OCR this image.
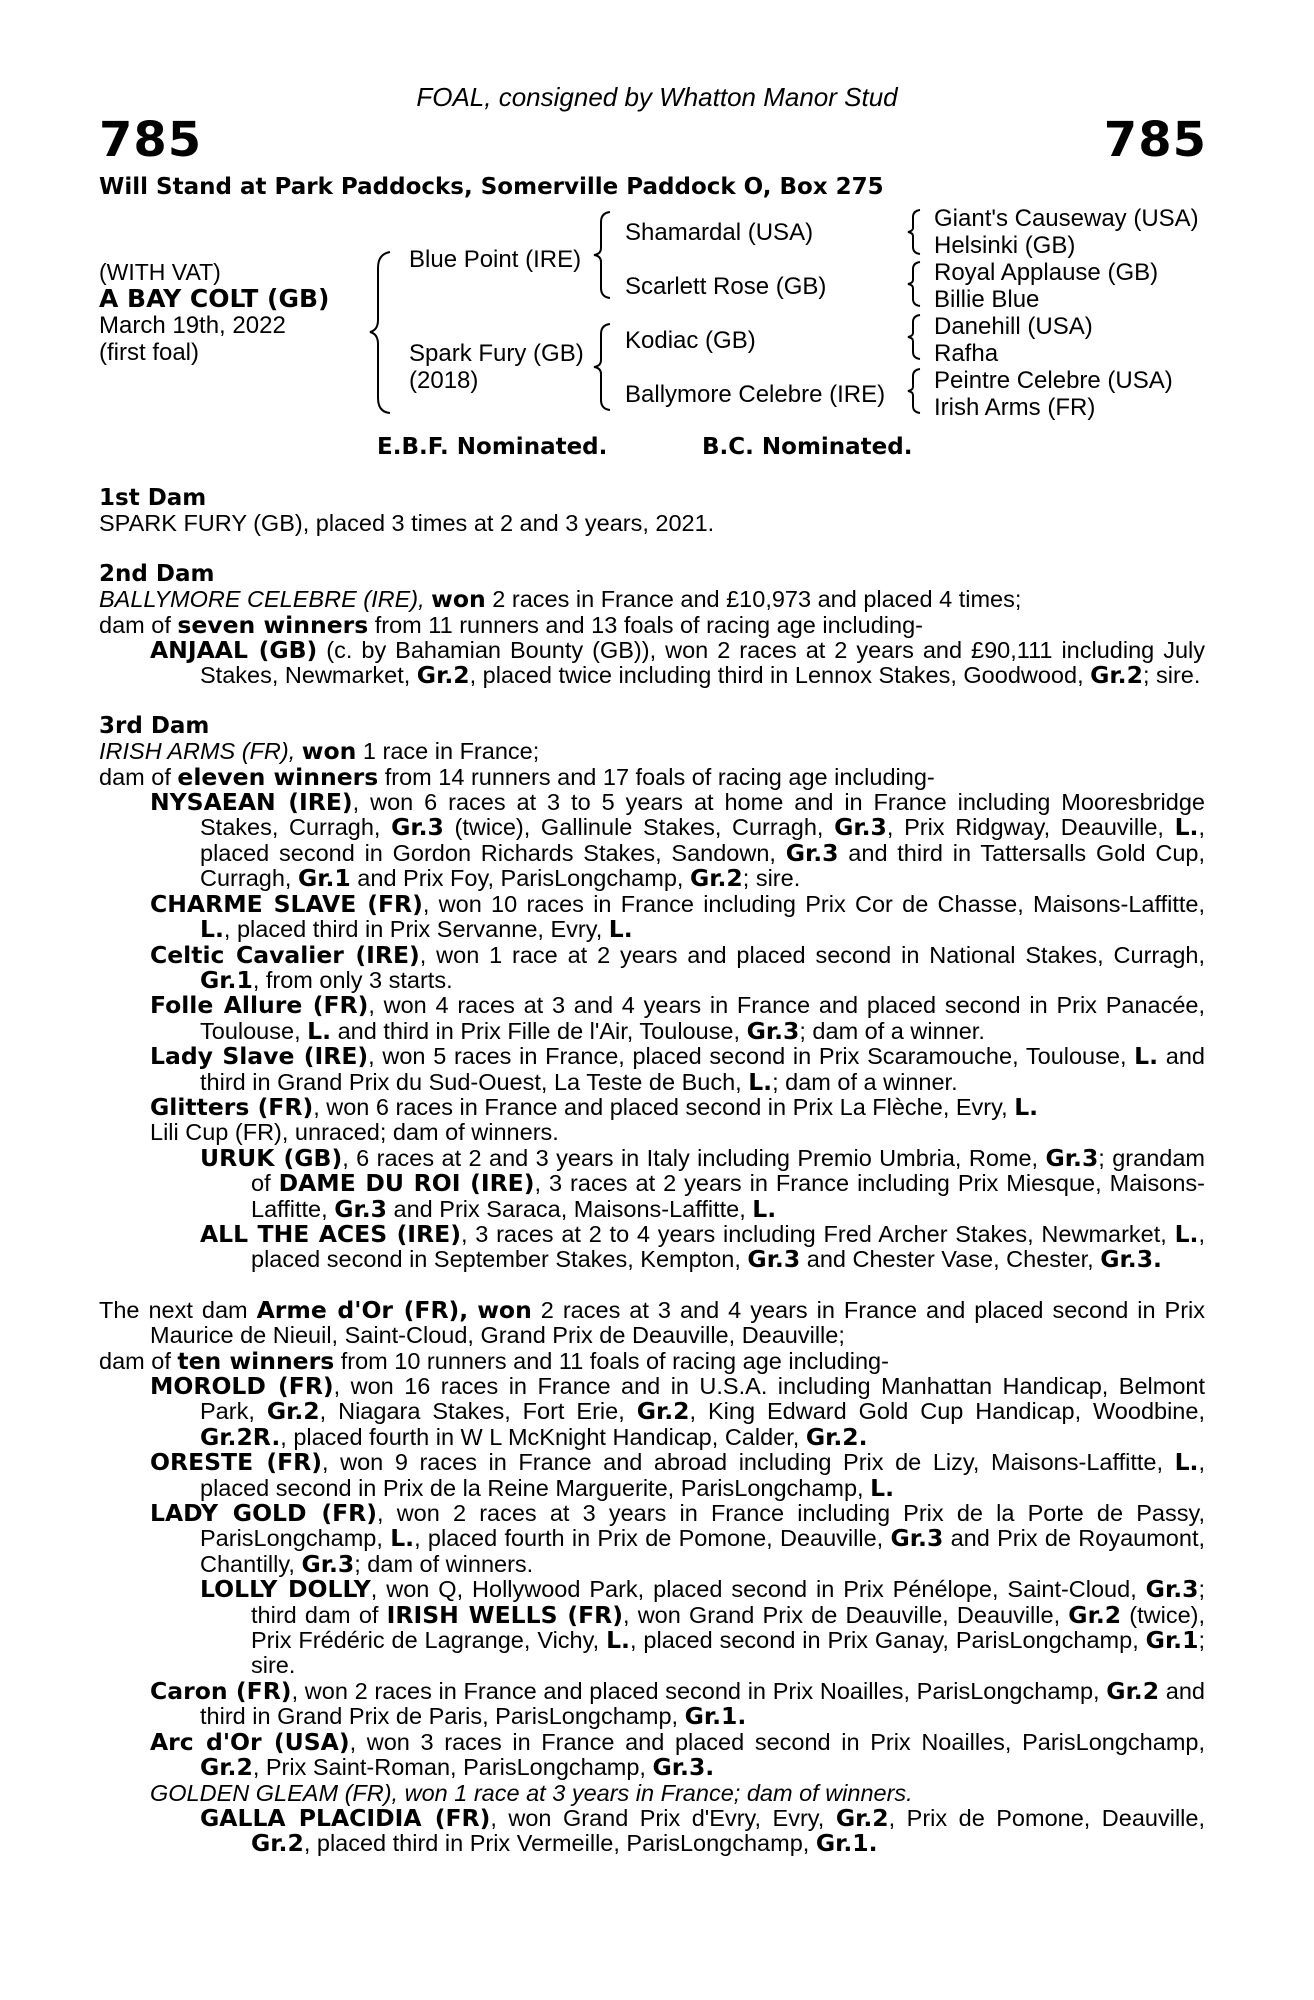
FOAL, consigned by Whatton Manor Stud
785	785
Will Stand at Park Paddocks, Somerville Paddock O, Box 275
(WITH VAT)
A BAY COLT (GB)
March 19th, 2022
(first foal)
Blue Point (IRE)
Spark Fury (GB)
(2018)
Shamardal (USA)
Scarlett Rose (GB)
Kodiac (GB)
Ballymore Celebre (IRE)
Giant's Causeway (USA)
Helsinki (GB)
Royal Applause (GB)
Billie Blue
Danehill (USA)
Rafha
Peintre Celebre (USA)
Irish Arms (FR)
E.B.F. Nominated.	B.C. Nominated.

1st Dam

SPARK FURY (GB), placed 3 times at 2 and 3 years, 2021.

2nd Dam

BALLYMORE CELEBRE (IRE), won 2 races in France and £10,973 and placed 4 times;

dam of seven winners from 11 runners and 13 foals of racing age including-

ANJAAL (GB) (c. by Bahamian Bounty (GB)), won 2 races at 2 years and £90,111 including July Stakes, Newmarket, Gr.2, placed twice including third in Lennox Stakes, Goodwood, Gr.2; sire.

3rd Dam

IRISH ARMS (FR), won 1 race in France;

dam of eleven winners from 14 runners and 17 foals of racing age including-

NYSAEAN (IRE), won 6 races at 3 to 5 years at home and in France including Mooresbridge Stakes, Curragh, Gr.3 (twice), Gallinule Stakes, Curragh, Gr.3, Prix Ridgway, Deauville, L., placed second in Gordon Richards Stakes, Sandown, Gr.3 and third in Tattersalls Gold Cup, Curragh, Gr.1 and Prix Foy, ParisLongchamp, Gr.2; sire.

CHARME SLAVE (FR), won 10 races in France including Prix Cor de Chasse, Maisons-Laffitte, L., placed third in Prix Servanne, Evry, L.

Celtic Cavalier (IRE), won 1 race at 2 years and placed second in National Stakes, Curragh, Gr.1, from only 3 starts.

Folle Allure (FR), won 4 races at 3 and 4 years in France and placed second in Prix Panacée, Toulouse, L. and third in Prix Fille de l'Air, Toulouse, Gr.3; dam of a winner.

Lady Slave (IRE), won 5 races in France, placed second in Prix Scaramouche, Toulouse, L. and third in Grand Prix du Sud-Ouest, La Teste de Buch, L.; dam of a winner.

Glitters (FR), won 6 races in France and placed second in Prix La Flèche, Evry, L.

Lili Cup (FR), unraced; dam of winners.

URUK (GB), 6 races at 2 and 3 years in Italy including Premio Umbria, Rome, Gr.3; grandam of DAME DU ROI (IRE), 3 races at 2 years in France including Prix Miesque, Maisons-Laffitte, Gr.3 and Prix Saraca, Maisons-Laffitte, L.

ALL THE ACES (IRE), 3 races at 2 to 4 years including Fred Archer Stakes, Newmarket, L., placed second in September Stakes, Kempton, Gr.3 and Chester Vase, Chester, Gr.3.

The next dam Arme d'Or (FR), won 2 races at 3 and 4 years in France and placed second in Prix Maurice de Nieuil, Saint-Cloud, Grand Prix de Deauville, Deauville;

dam of ten winners from 10 runners and 11 foals of racing age including-

MOROLD (FR), won 16 races in France and in U.S.A. including Manhattan Handicap, Belmont Park, Gr.2, Niagara Stakes, Fort Erie, Gr.2, King Edward Gold Cup Handicap, Woodbine, Gr.2R., placed fourth in W L McKnight Handicap, Calder, Gr.2.

ORESTE (FR), won 9 races in France and abroad including Prix de Lizy, Maisons-Laffitte, L., placed second in Prix de la Reine Marguerite, ParisLongchamp, L.

LADY GOLD (FR), won 2 races at 3 years in France including Prix de la Porte de Passy, ParisLongchamp, L., placed fourth in Prix de Pomone, Deauville, Gr.3 and Prix de Royaumont, Chantilly, Gr.3; dam of winners.

LOLLY DOLLY, won Q, Hollywood Park, placed second in Prix Pénélope, Saint-Cloud, Gr.3; third dam of IRISH WELLS (FR), won Grand Prix de Deauville, Deauville, Gr.2 (twice), Prix Frédéric de Lagrange, Vichy, L., placed second in Prix Ganay, ParisLongchamp, Gr.1; sire.

Caron (FR), won 2 races in France and placed second in Prix Noailles, ParisLongchamp, Gr.2 and third in Grand Prix de Paris, ParisLongchamp, Gr.1.

Arc d'Or (USA), won 3 races in France and placed second in Prix Noailles, ParisLongchamp, Gr.2, Prix Saint-Roman, ParisLongchamp, Gr.3.

GOLDEN GLEAM (FR), won 1 race at 3 years in France; dam of winners.

GALLA PLACIDIA (FR), won Grand Prix d'Evry, Evry, Gr.2, Prix de Pomone, Deauville, Gr.2, placed third in Prix Vermeille, ParisLongchamp, Gr.1.
